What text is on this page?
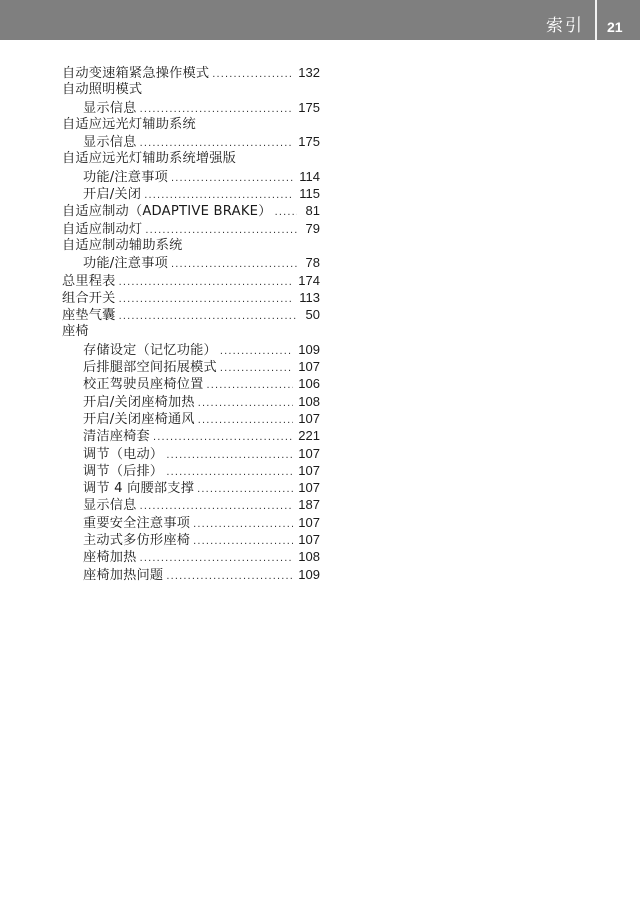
索引 21
自动变速箱紧急操作模式 .....	132
自动照明模式
显示信息 .....	175
自适应远光灯辅助系统
显示信息 .....	175
自适应远光灯辅助系统增强版
功能/注意事项 .....	114
开启/关闭 .....	115
自适应制动（ADAPTIVE BRAKE） .....	81
自适应制动灯 .....	79
自适应制动辅助系统
功能/注意事项 .....	78
总里程表 .....	174
组合开关 .....	113
座垫气囊 .....	50
座椅
存储设定（记忆功能） .....	109
后排腿部空间拓展模式 .....	107
校正驾驶员座椅位置 .....	106
开启/关闭座椅加热 .....	108
开启/关闭座椅通风 .....	107
清洁座椅套 .....	221
调节（电动） .....	107
调节（后排） .....	107
调节 4 向腰部支撑 .....	107
显示信息 .....	187
重要安全注意事项 .....	107
主动式多仿形座椅 .....	107
座椅加热 .....	108
座椅加热问题 .....	109
